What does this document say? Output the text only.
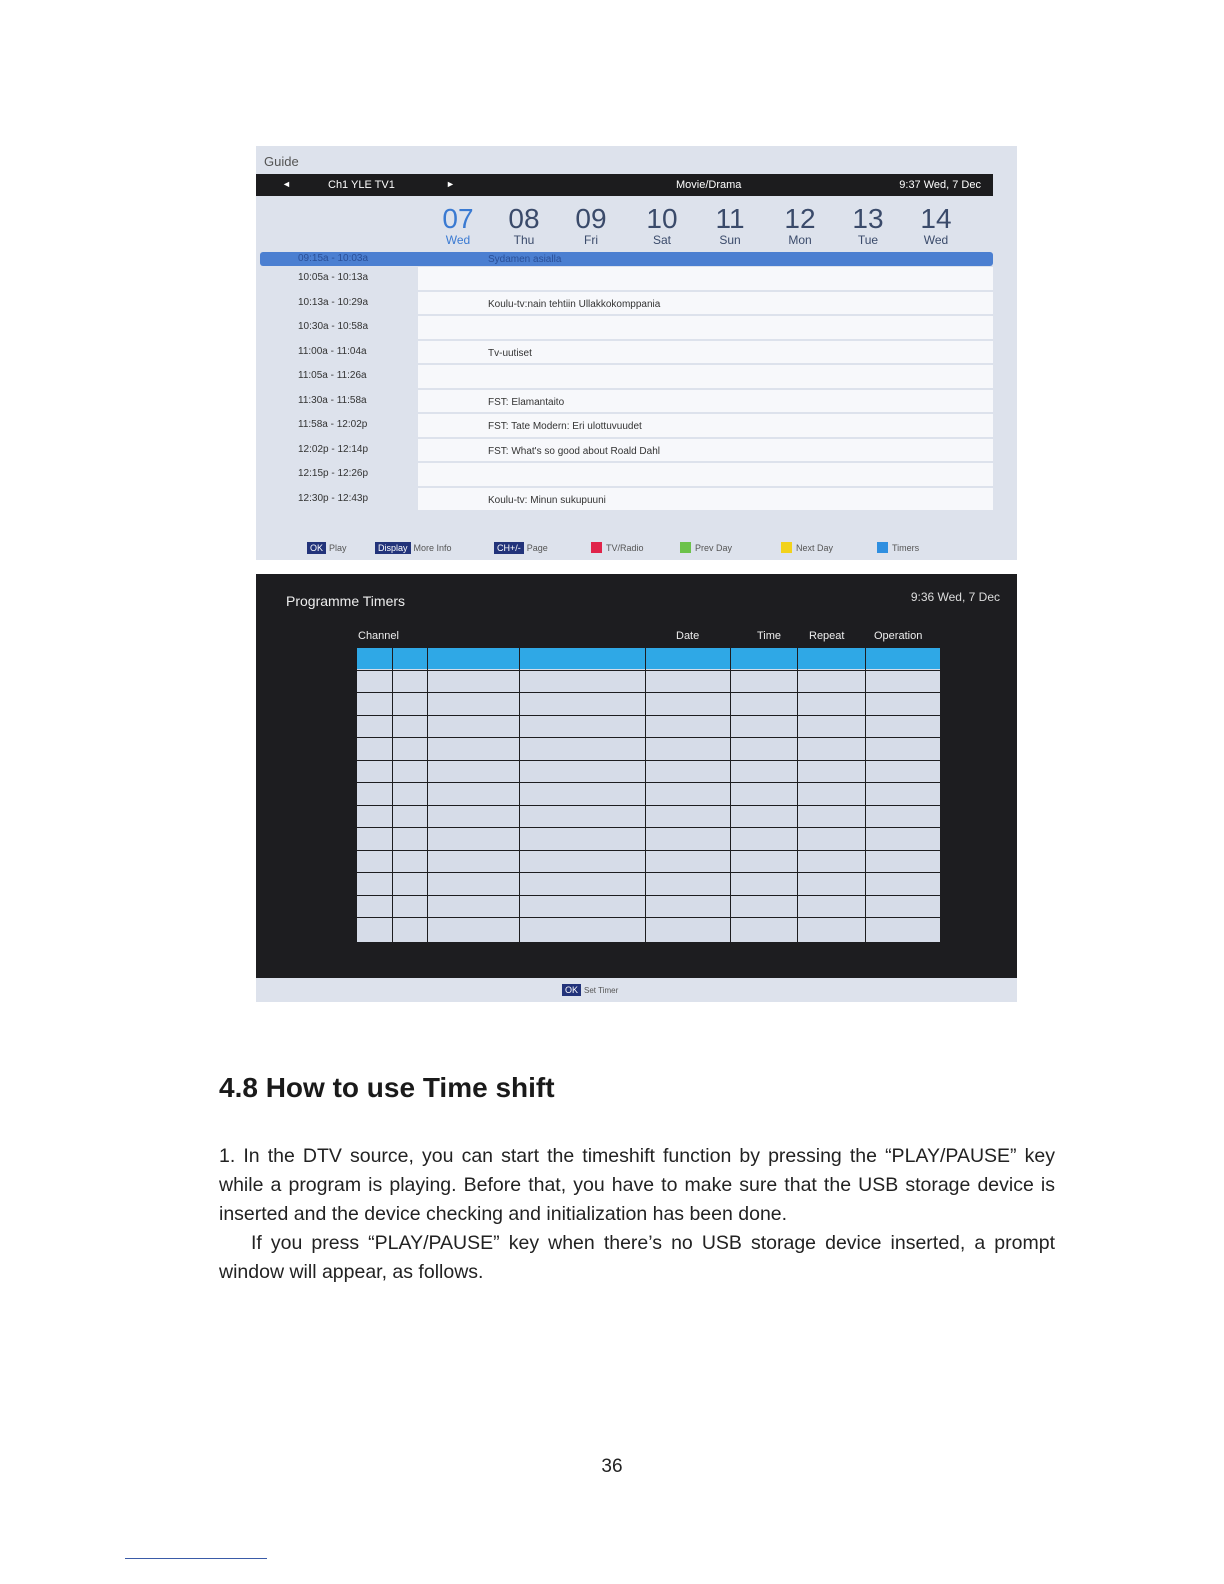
Guide
◄	Ch1 YLE TV1	►	Movie/Drama	9:37 Wed, 7 Dec
07
Wed
08
Thu
09
Fri
10
Sat
11
Sun
12
Mon
13
Tue
14
Wed
09:15a - 10:03a	Sydamen asialla
10:05a - 10:13a
10:13a - 10:29a	Koulu-tv:nain tehtiin Ullakkokomppania
10:30a - 10:58a
11:00a - 11:04a	Tv-uutiset
11:05a - 11:26a
11:30a - 11:58a	FST: Elamantaito
11:58a - 12:02p	FST: Tate Modern: Eri ulottuvuudet
12:02p - 12:14p	FST: What's so good about Roald Dahl
12:15p - 12:26p
12:30p - 12:43p	Koulu-tv: Minun sukupuuni
OK Play	Display More Info	CH+/- Page	TV/Radio	Prev Day	Next Day	Timers
Programme Timers	9:36 Wed, 7 Dec
Channel	Date	Time	Repeat	Operation
OK Set Timer
4.8 How to use Time shift

1. In the DTV source, you can start the timeshift function by pressing the “PLAY/PAUSE” key while a program is playing. Before that, you have to make sure that the USB storage device is inserted and the device checking and initialization has been done.

If you press “PLAY/PAUSE” key when there’s no USB storage device inserted, a prompt window will appear, as follows.

36
